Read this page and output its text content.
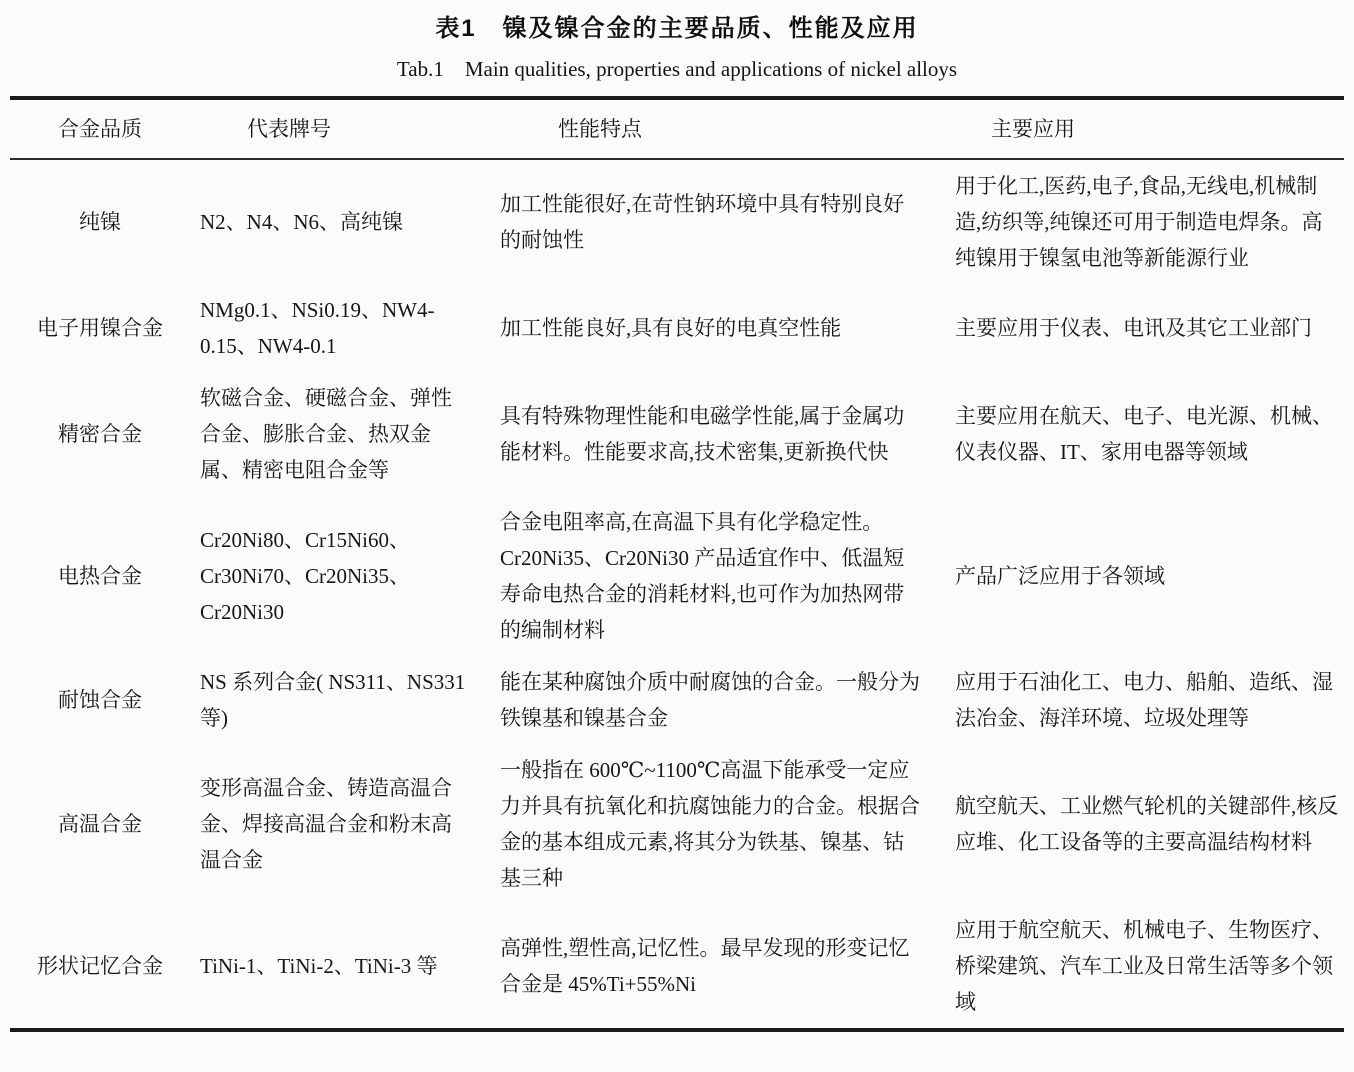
表1　镍及镍合金的主要品质、性能及应用
Tab.1　Main qualities, properties and applications of nickel alloys
合金品质	代表牌号	性能特点	主要应用
纯镍	N2、N4、N6、高纯镍	加工性能很好,在苛性钠环境中具有特别良好的耐蚀性	用于化工,医药,电子,食品,无线电,机械制造,纺织等,纯镍还可用于制造电焊条。高纯镍用于镍氢电池等新能源行业
电子用镍合金	NMg0.1、NSi0.19、NW4-0.15、NW4-0.1	加工性能良好,具有良好的电真空性能	主要应用于仪表、电讯及其它工业部门
精密合金	软磁合金、硬磁合金、弹性合金、膨胀合金、热双金属、精密电阻合金等	具有特殊物理性能和电磁学性能,属于金属功能材料。性能要求高,技术密集,更新换代快	主要应用在航天、电子、电光源、机械、仪表仪器、IT、家用电器等领域
电热合金	Cr20Ni80、Cr15Ni60、Cr30Ni70、Cr20Ni35、Cr20Ni30	合金电阻率高,在高温下具有化学稳定性。Cr20Ni35、Cr20Ni30 产品适宜作中、低温短寿命电热合金的消耗材料,也可作为加热网带的编制材料	产品广泛应用于各领域
耐蚀合金	NS 系列合金( NS311、NS331 等)	能在某种腐蚀介质中耐腐蚀的合金。一般分为铁镍基和镍基合金	应用于石油化工、电力、船舶、造纸、湿法冶金、海洋环境、垃圾处理等
高温合金	变形高温合金、铸造高温合金、焊接高温合金和粉末高温合金	一般指在 600℃~1100℃高温下能承受一定应力并具有抗氧化和抗腐蚀能力的合金。根据合金的基本组成元素,将其分为铁基、镍基、钴基三种	航空航天、工业燃气轮机的关键部件,核反应堆、化工设备等的主要高温结构材料
形状记忆合金	TiNi-1、TiNi-2、TiNi-3 等	高弹性,塑性高,记忆性。最早发现的形变记忆合金是 45%Ti+55%Ni	应用于航空航天、机械电子、生物医疗、桥梁建筑、汽车工业及日常生活等多个领域
